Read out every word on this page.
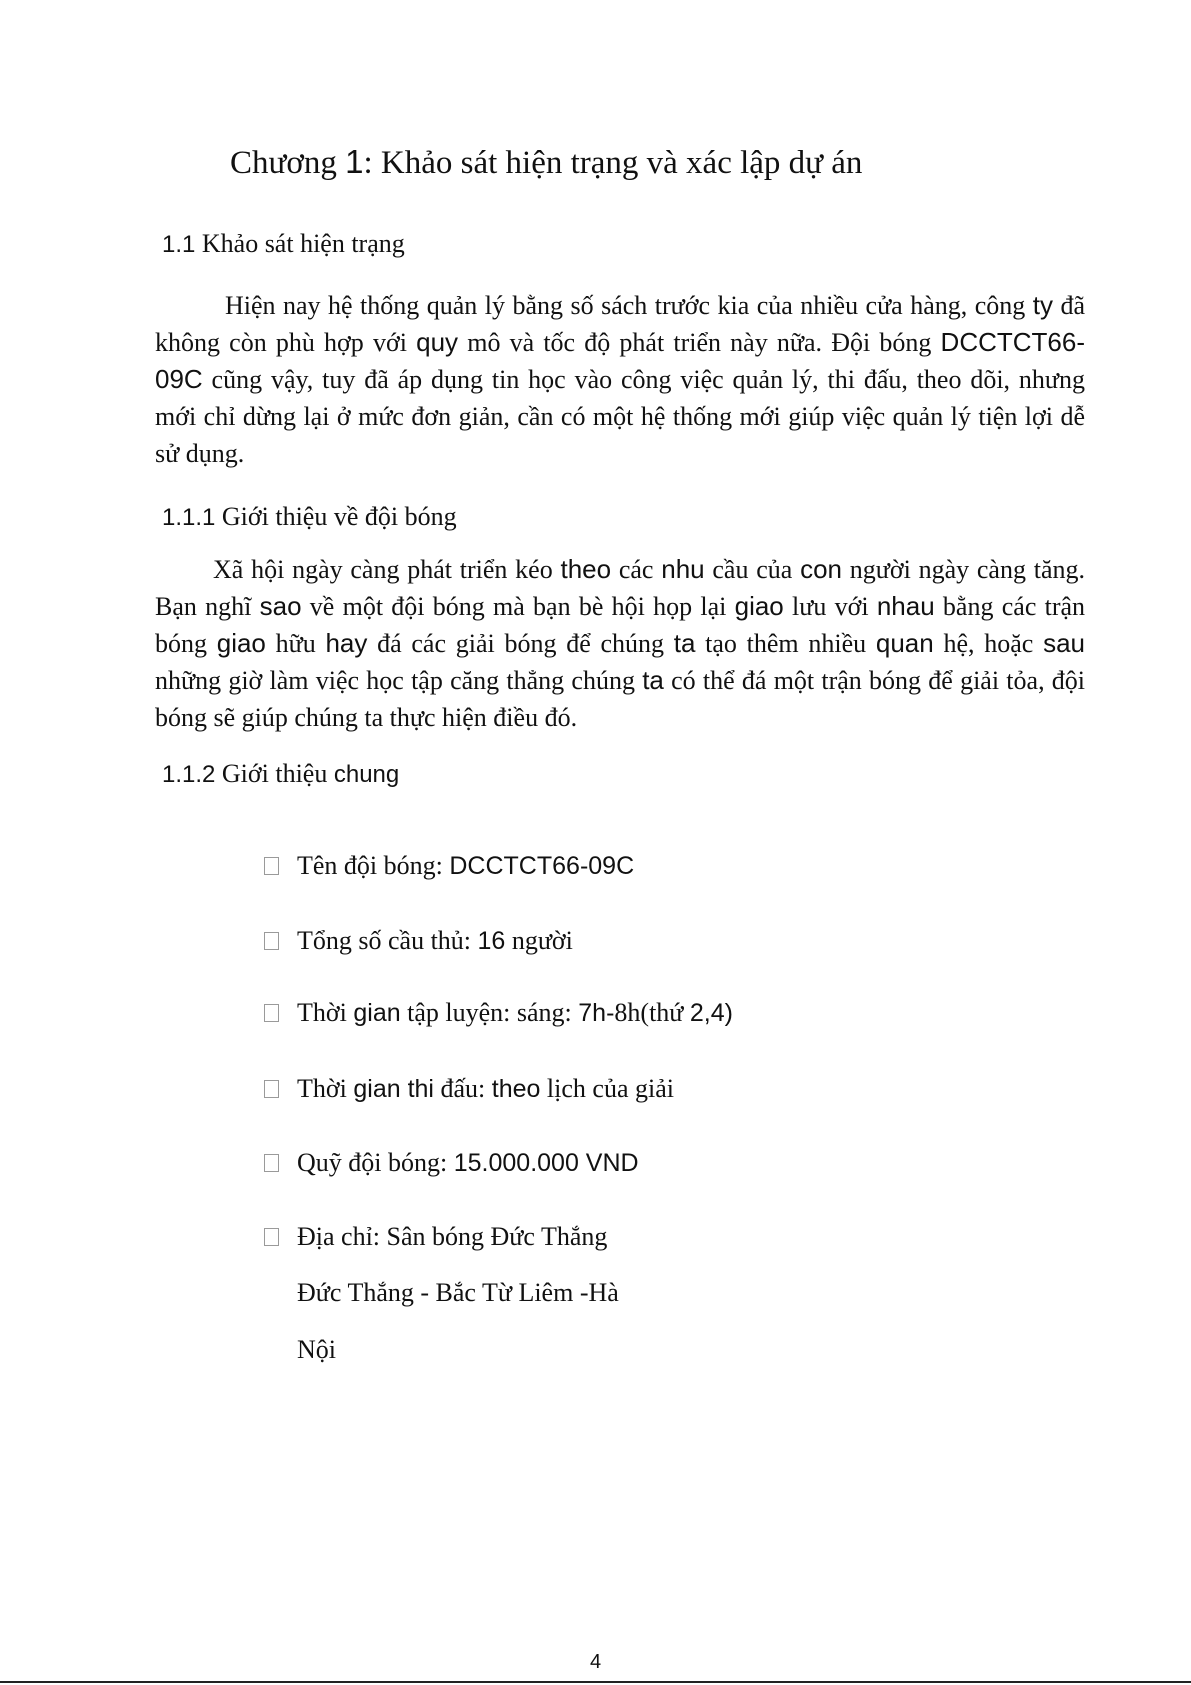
Chương 1: Khảo sát hiện trạng và xác lập dự án
1.1 Khảo sát hiện trạng

Hiện nay hệ thống quản lý bằng số sách trước kia của nhiều cửa hàng, công ty đã không còn phù hợp với quy mô và tốc độ phát triển này nữa. Đội bóng DCCTCT66-09C cũng vậy, tuy đã áp dụng tin học vào công việc quản lý, thi đấu, theo dõi, nhưng mới chỉ dừng lại ở mức đơn giản, cần có một hệ thống mới giúp việc quản lý tiện lợi dễ sử dụng.

1.1.1 Giới thiệu về đội bóng

Xã hội ngày càng phát triển kéo theo các nhu cầu của con người ngày càng tăng. Bạn nghĩ sao về một đội bóng mà bạn bè hội họp lại giao lưu với nhau bằng các trận bóng giao hữu hay đá các giải bóng để chúng ta tạo thêm nhiều quan hệ, hoặc sau những giờ làm việc học tập căng thẳng chúng ta có thể đá một trận bóng để giải tỏa, đội bóng sẽ giúp chúng ta thực hiện điều đó.

1.1.2 Giới thiệu chung
Tên đội bóng: DCCTCT66-09C
Tổng số cầu thủ: 16 người
Thời gian tập luyện: sáng: 7h-8h(thứ 2,4)
Thời gian thi đấu: theo lịch của giải
Quỹ đội bóng: 15.000.000 VND
Địa chỉ: Sân bóng Đức Thắng
Đức Thắng - Bắc Từ Liêm -Hà
Nội
4
